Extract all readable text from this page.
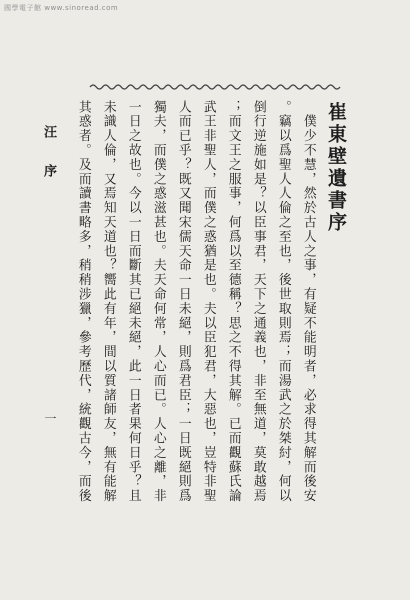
國學電子館 www.sinoread.com
崔東壁遺書序
　僕少不慧，然於古人之事，有疑不能明者，必求得其解而後安
。竊以爲聖人人倫之至也，後世取則焉；而湯武之於桀紂，何以
倒行逆施如是？以臣事君，天下之通義也，非至無道，莫敢越焉
；而文王之服事，何爲以至德稱？思之不得其解。已而觀蘇氏論
武王非聖人，而僕之惑猶是也。夫以臣犯君，大惡也，豈特非聖
人而已乎？既又聞宋儒天命一日未絕，則爲君臣；一日既絕則爲
獨夫，而僕之惑滋甚也。夫天命何常，人心而已。人心之離，非
一日之故也。今以一日而斷其已絕未絕，此一日者果何日乎？且
未識人倫，又焉知天道也？嚮此有年，間以質諸師友，無有能解
其惑者。及而讀書略多，稍稍涉獵，參考歷代，統觀古今，而後
汪序
一
